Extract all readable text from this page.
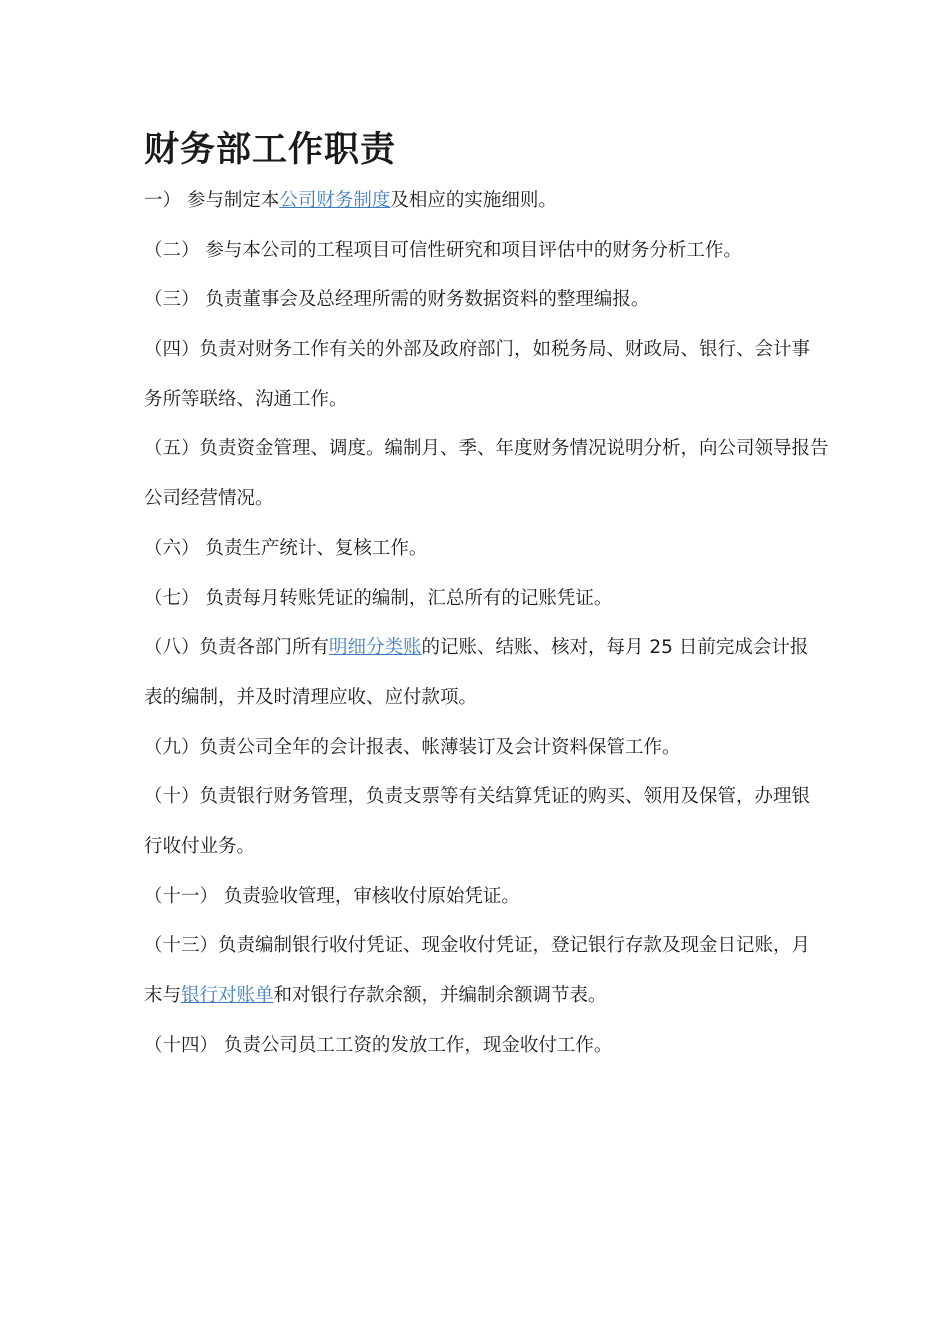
财务部工作职责

一） 参与制定本公司财务制度及相应的实施细则。

（二） 参与本公司的工程项目可信性研究和项目评估中的财务分析工作。

（三） 负责董事会及总经理所需的财务数据资料的整理编报。

（四）负责对财务工作有关的外部及政府部门，如税务局、财政局、银行、会计事
务所等联络、沟通工作。

（五）负责资金管理、调度。编制月、季、年度财务情况说明分析，向公司领导报告
公司经营情况。

（六） 负责生产统计、复核工作。

（七） 负责每月转账凭证的编制，汇总所有的记账凭证。

（八）负责各部门所有明细分类账的记账、结账、核对，每月 25 日前完成会计报
表的编制，并及时清理应收、应付款项。

（九）负责公司全年的会计报表、帐薄装订及会计资料保管工作。

（十）负责银行财务管理，负责支票等有关结算凭证的购买、领用及保管，办理银
行收付业务。

（十一） 负责验收管理，审核收付原始凭证。

（十三）负责编制银行收付凭证、现金收付凭证，登记银行存款及现金日记账，月
末与银行对账单和对银行存款余额，并编制余额调节表。

（十四） 负责公司员工工资的发放工作，现金收付工作。
